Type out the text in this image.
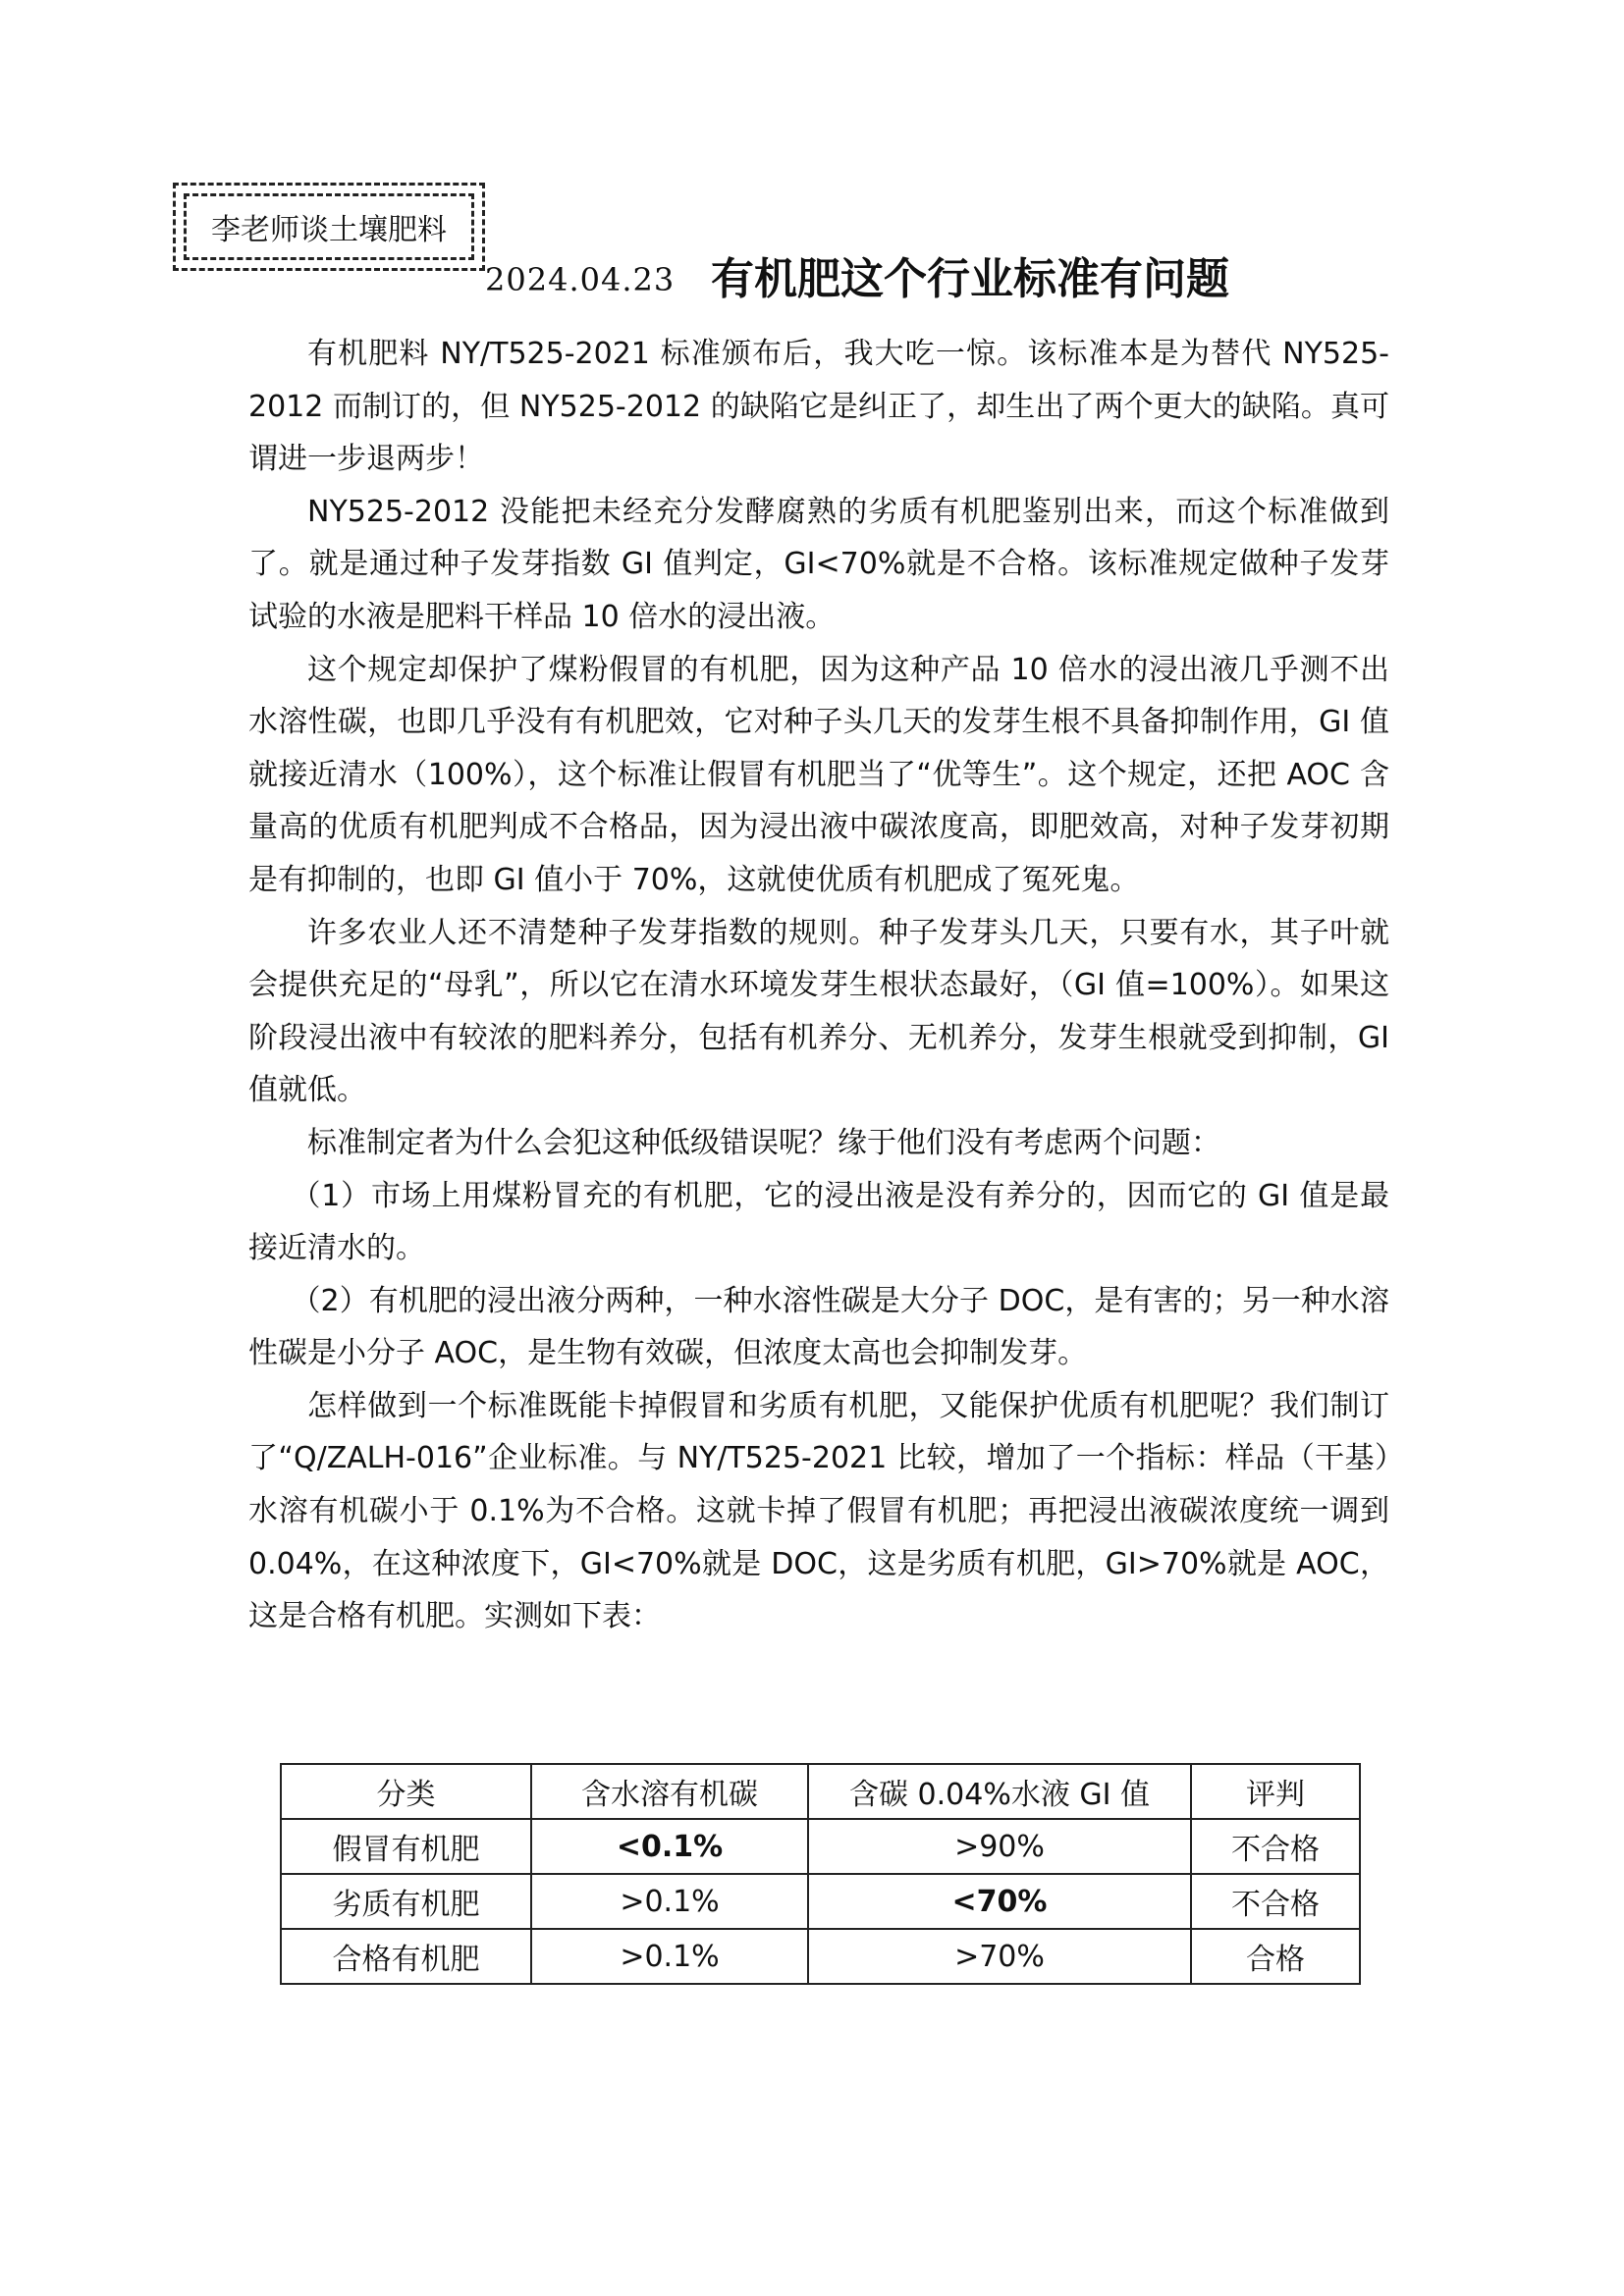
李老师谈土壤肥料
2024.04.23 有机肥这个行业标准有问题

有机肥料 NY/T525-2021 标准颁布后，我大吃一惊。该标准本是为替代 NY525-2012 而制订的，但 NY525-2012 的缺陷它是纠正了，却生出了两个更大的缺陷。真可谓进一步退两步！

NY525-2012 没能把未经充分发酵腐熟的劣质有机肥鉴别出来，而这个标准做到了。就是通过种子发芽指数 GI 值判定，GI<70%就是不合格。该标准规定做种子发芽试验的水液是肥料干样品 10 倍水的浸出液。

这个规定却保护了煤粉假冒的有机肥，因为这种产品 10 倍水的浸出液几乎测不出水溶性碳，也即几乎没有有机肥效，它对种子头几天的发芽生根不具备抑制作用，GI 值就接近清水（100%），这个标准让假冒有机肥当了“优等生”。这个规定，还把 AOC 含量高的优质有机肥判成不合格品，因为浸出液中碳浓度高，即肥效高，对种子发芽初期是有抑制的，也即 GI 值小于 70%，这就使优质有机肥成了冤死鬼。

许多农业人还不清楚种子发芽指数的规则。种子发芽头几天，只要有水，其子叶就会提供充足的“母乳”，所以它在清水环境发芽生根状态最好，（GI 值=100%）。如果这阶段浸出液中有较浓的肥料养分，包括有机养分、无机养分，发芽生根就受到抑制，GI 值就低。

标准制定者为什么会犯这种低级错误呢？缘于他们没有考虑两个问题：

（1）市场上用煤粉冒充的有机肥，它的浸出液是没有养分的，因而它的 GI 值是最接近清水的。

（2）有机肥的浸出液分两种，一种水溶性碳是大分子 DOC，是有害的；另一种水溶性碳是小分子 AOC，是生物有效碳，但浓度太高也会抑制发芽。

怎样做到一个标准既能卡掉假冒和劣质有机肥，又能保护优质有机肥呢？我们制订了“Q/ZALH-016”企业标准。与 NY/T525-2021 比较，增加了一个指标：样品（干基）水溶有机碳小于 0.1%为不合格。这就卡掉了假冒有机肥；再把浸出液碳浓度统一调到 0.04%，在这种浓度下，GI<70%就是 DOC，这是劣质有机肥，GI>70%就是 AOC，这是合格有机肥。实测如下表：

分类	含水溶有机碳	含碳 0.04%水液 GI 值	评判
假冒有机肥	<0.1%	>90%	不合格
劣质有机肥	>0.1%	<70%	不合格
合格有机肥	>0.1%	>70%	合格
